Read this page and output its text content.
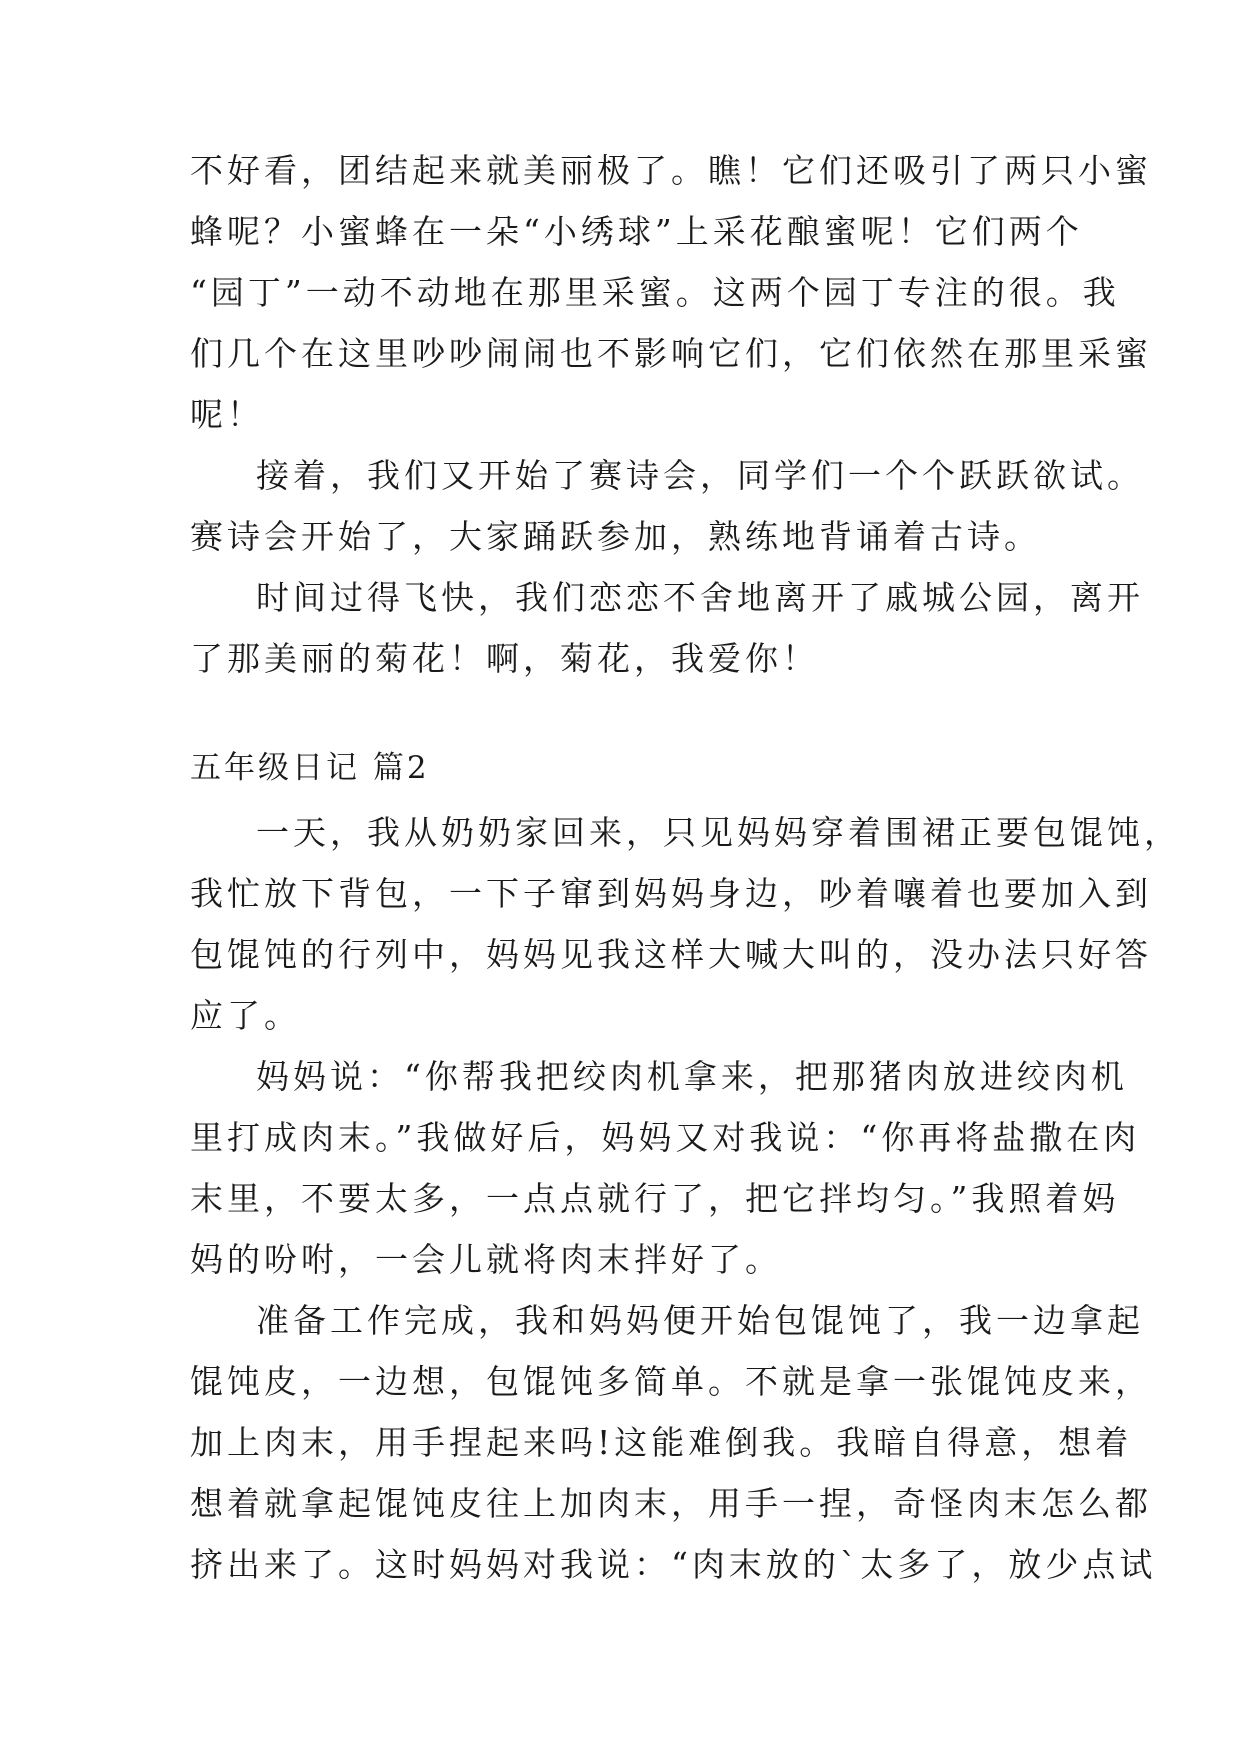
不好看，团结起来就美丽极了。瞧！它们还吸引了两只小蜜
蜂呢？小蜜蜂在一朵“小绣球”上采花酿蜜呢！它们两个
“园丁”一动不动地在那里采蜜。这两个园丁专注的很。我
们几个在这里吵吵闹闹也不影响它们，它们依然在那里采蜜
呢！
接着，我们又开始了赛诗会，同学们一个个跃跃欲试。
赛诗会开始了，大家踊跃参加，熟练地背诵着古诗。
时间过得飞快，我们恋恋不舍地离开了戚城公园，离开
了那美丽的菊花！啊，菊花，我爱你！
五年级日记 篇2
一天，我从奶奶家回来，只见妈妈穿着围裙正要包馄饨，
我忙放下背包，一下子窜到妈妈身边，吵着嚷着也要加入到
包馄饨的行列中，妈妈见我这样大喊大叫的，没办法只好答
应了。
妈妈说：“你帮我把绞肉机拿来，把那猪肉放进绞肉机
里打成肉末。”我做好后，妈妈又对我说：“你再将盐撒在肉
末里，不要太多，一点点就行了，把它拌均匀。”我照着妈
妈的吩咐，一会儿就将肉末拌好了。
准备工作完成，我和妈妈便开始包馄饨了，我一边拿起
馄饨皮，一边想，包馄饨多简单。不就是拿一张馄饨皮来，
加上肉末，用手捏起来吗!这能难倒我。我暗自得意，想着
想着就拿起馄饨皮往上加肉末，用手一捏，奇怪肉末怎么都
挤出来了。这时妈妈对我说：“肉末放的`太多了，放少点试
